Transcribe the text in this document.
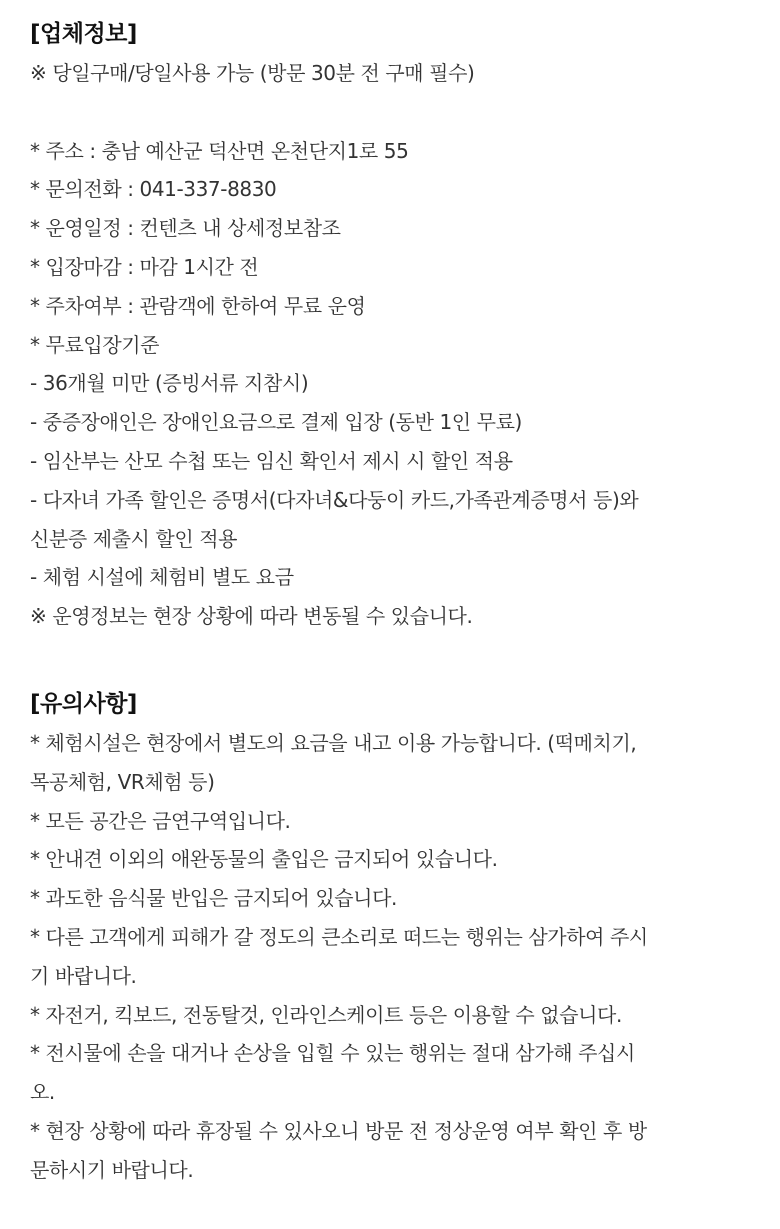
[업체정보]
※ 당일구매/당일사용 가능 (방문 30분 전 구매 필수)
* 주소 : 충남 예산군 덕산면 온천단지1로 55
* 문의전화 : 041-337-8830
* 운영일정 : 컨텐츠 내 상세정보참조
* 입장마감 : 마감 1시간 전
* 주차여부 : 관람객에 한하여 무료 운영
* 무료입장기준
- 36개월 미만 (증빙서류 지참시)
- 중증장애인은 장애인요금으로 결제 입장 (동반 1인 무료)
- 임산부는 산모 수첩 또는 임신 확인서 제시 시 할인 적용
- 다자녀 가족 할인은 증명서(다자녀&다둥이 카드,가족관계증명서 등)와
신분증 제출시 할인 적용
- 체험 시설에 체험비 별도 요금
※ 운영정보는 현장 상황에 따라 변동될 수 있습니다.
[유의사항]
* 체험시설은 현장에서 별도의 요금을 내고 이용 가능합니다. (떡메치기,
목공체험, VR체험 등)
* 모든 공간은 금연구역입니다.
* 안내견 이외의 애완동물의 출입은 금지되어 있습니다.
* 과도한 음식물 반입은 금지되어 있습니다.
* 다른 고객에게 피해가 갈 정도의 큰소리로 떠드는 행위는 삼가하여 주시
기 바랍니다.
* 자전거, 킥보드, 전동탈것, 인라인스케이트 등은 이용할 수 없습니다.
* 전시물에 손을 대거나 손상을 입힐 수 있는 행위는 절대 삼가해 주십시
오.
* 현장 상황에 따라 휴장될 수 있사오니 방문 전 정상운영 여부 확인 후 방
문하시기 바랍니다.
